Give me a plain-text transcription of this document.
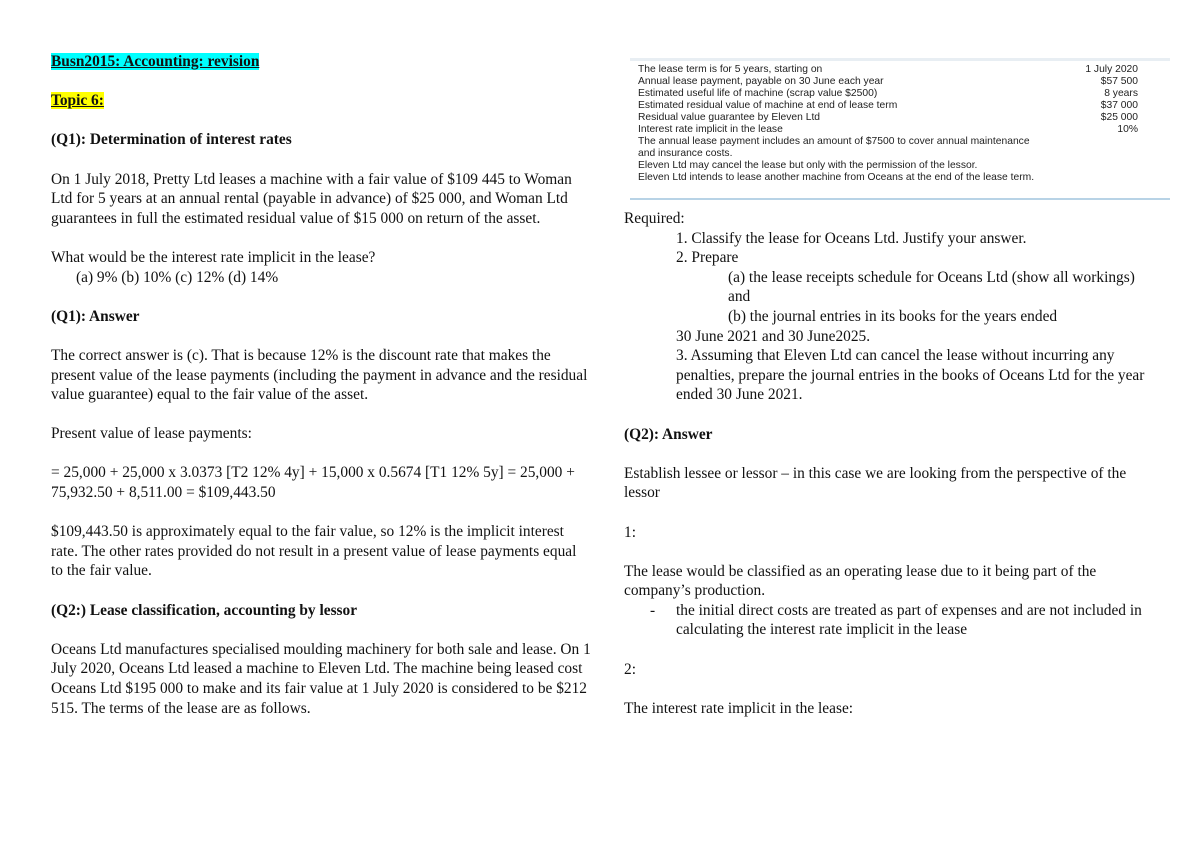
Busn2015: Accounting: revision

Topic 6:

(Q1): Determination of interest rates

On 1 July 2018, Pretty Ltd leases a machine with a fair value of $109 445 to Woman Ltd for 5 years at an annual rental (payable in advance) of $25 000, and Woman Ltd guarantees in full the estimated residual value of $15 000 on return of the asset.

What would be the interest rate implicit in the lease?

(a) 9% (b) 10% (c) 12% (d) 14%

(Q1): Answer

The correct answer is (c). That is because 12% is the discount rate that makes the present value of the lease payments (including the payment in advance and the residual value guarantee) equal to the fair value of the asset.

Present value of lease payments:

= 25,000 + 25,000 x 3.0373 [T2 12% 4y] + 15,000 x 0.5674 [T1 12% 5y] = 25,000 + 75,932.50 + 8,511.00 = $109,443.50

$109,443.50 is approximately equal to the fair value, so 12% is the implicit interest rate. The other rates provided do not result in a present value of lease payments equal to the fair value.

(Q2:) Lease classification, accounting by lessor

Oceans Ltd manufactures specialised moulding machinery for both sale and lease. On 1 July 2020, Oceans Ltd leased a machine to Eleven Ltd. The machine being leased cost Oceans Ltd $195 000 to make and its fair value at 1 July 2020 is considered to be $212 515. The terms of the lease are as follows.

The lease term is for 5 years, starting on	1 July 2020
Annual lease payment, payable on 30 June each year	$57 500
Estimated useful life of machine (scrap value $2500)	8 years
Estimated residual value of machine at end of lease term	$37 000
Residual value guarantee by Eleven Ltd	$25 000
Interest rate implicit in the lease	10%
The annual lease payment includes an amount of $7500 to cover annual maintenance
and insurance costs.
Eleven Ltd may cancel the lease but only with the permission of the lessor.
Eleven Ltd intends to lease another machine from Oceans at the end of the lease term.

Required:

1. Classify the lease for Oceans Ltd. Justify your answer.

2. Prepare

(a) the lease receipts schedule for Oceans Ltd (show all workings) and

(b) the journal entries in its books for the years ended

30 June 2021 and 30 June2025.

3. Assuming that Eleven Ltd can cancel the lease without incurring any penalties, prepare the journal entries in the books of Oceans Ltd for the year ended 30 June 2021.

(Q2): Answer

Establish lessee or lessor – in this case we are looking from the perspective of the lessor

1:

The lease would be classified as an operating lease due to it being part of the company’s production.

- the initial direct costs are treated as part of expenses and are not included in calculating the interest rate implicit in the lease

2:

The interest rate implicit in the lease:
